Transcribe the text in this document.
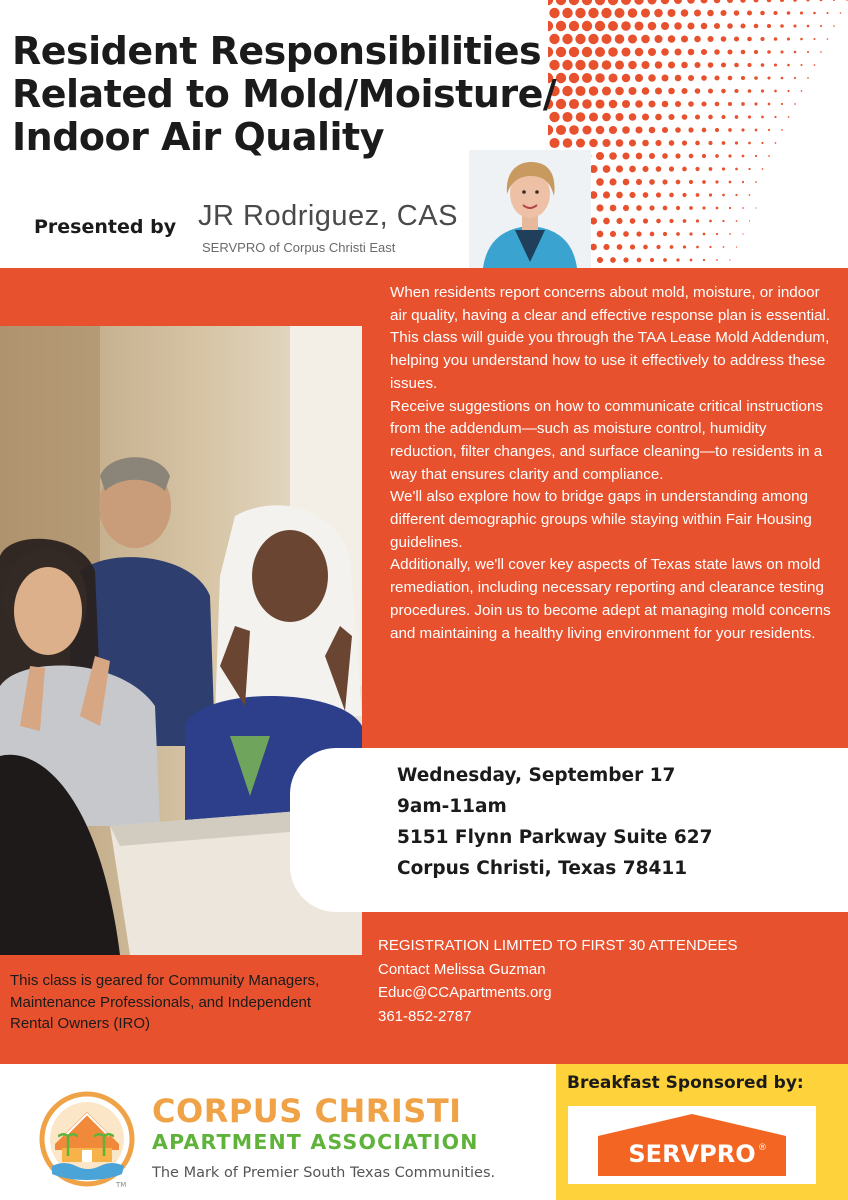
Resident Responsibilities
Related to Mold/Moisture/
Indoor Air Quality
Presented by JR Rodriguez, CAS
SERVPRO of Corpus Christi East

When residents report concerns about mold, moisture, or indoor air quality, having a clear and effective response plan is essential. This class will guide you through the TAA Lease Mold Addendum, helping you understand how to use it effectively to address these issues.

Receive suggestions on how to communicate critical instructions from the addendum—such as moisture control, humidity reduction, filter changes, and surface cleaning—to residents in a way that ensures clarity and compliance.

We'll also explore how to bridge gaps in understanding among different demographic groups while staying within Fair Housing guidelines.

Additionally, we'll cover key aspects of Texas state laws on mold remediation, including necessary reporting and clearance testing procedures. Join us to become adept at managing mold concerns and maintaining a healthy living environment for your residents.

Wednesday, September 17
9am-11am
5151 Flynn Parkway Suite 627
Corpus Christi, Texas 78411
REGISTRATION LIMITED TO FIRST 30 ATTENDEES
Contact Melissa Guzman
Educ@CCApartments.org
361-852-2787
This class is geared for Community Managers, Maintenance Professionals, and Independent Rental Owners (IRO)
TM
CORPUS CHRISTI
APARTMENT ASSOCIATION
The Mark of Premier South Texas Communities.
Breakfast Sponsored by:
SERVPRO ®
